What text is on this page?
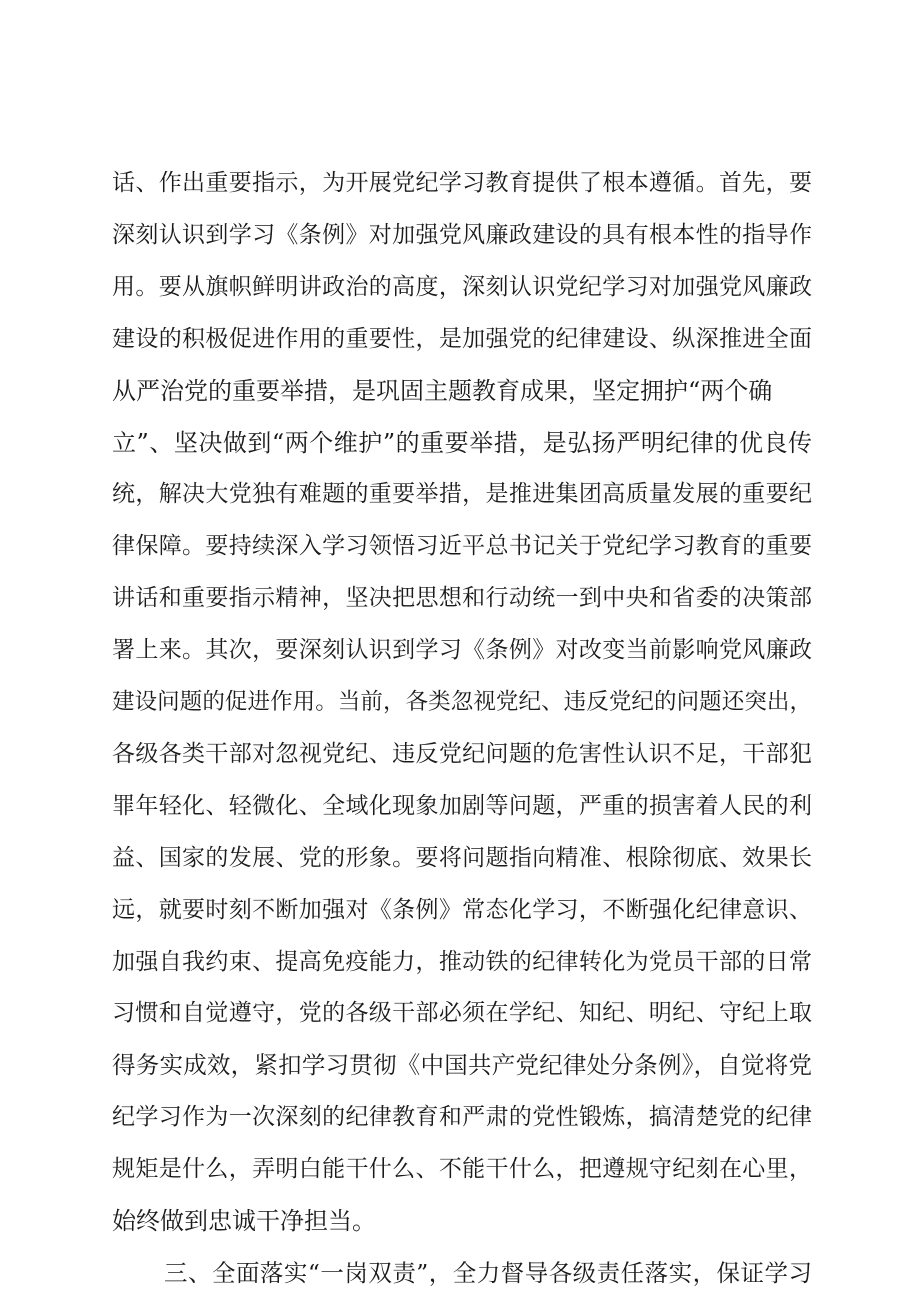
话、作出重要指示，为开展党纪学习教育提供了根本遵循。首先，要
深刻认识到学习《条例》对加强党风廉政建设的具有根本性的指导作
用。要从旗帜鲜明讲政治的高度，深刻认识党纪学习对加强党风廉政
建设的积极促进作用的重要性，是加强党的纪律建设、纵深推进全面
从严治党的重要举措，是巩固主题教育成果，坚定拥护“两个确
立”、坚决做到“两个维护”的重要举措，是弘扬严明纪律的优良传
统，解决大党独有难题的重要举措，是推进集团高质量发展的重要纪
律保障。要持续深入学习领悟习近平总书记关于党纪学习教育的重要
讲话和重要指示精神，坚决把思想和行动统一到中央和省委的决策部
署上来。其次，要深刻认识到学习《条例》对改变当前影响党风廉政
建设问题的促进作用。当前，各类忽视党纪、违反党纪的问题还突出，
各级各类干部对忽视党纪、违反党纪问题的危害性认识不足，干部犯
罪年轻化、轻微化、全域化现象加剧等问题，严重的损害着人民的利
益、国家的发展、党的形象。要将问题指向精准、根除彻底、效果长
远，就要时刻不断加强对《条例》常态化学习，不断强化纪律意识、
加强自我约束、提高免疫能力，推动铁的纪律转化为党员干部的日常
习惯和自觉遵守，党的各级干部必须在学纪、知纪、明纪、守纪上取
得务实成效，紧扣学习贯彻《中国共产党纪律处分条例》，自觉将党
纪学习作为一次深刻的纪律教育和严肃的党性锻炼，搞清楚党的纪律
规矩是什么，弄明白能干什么、不能干什么，把遵规守纪刻在心里，
始终做到忠诚干净担当。
三、全面落实“一岗双责”，全力督导各级责任落实，保证学习
